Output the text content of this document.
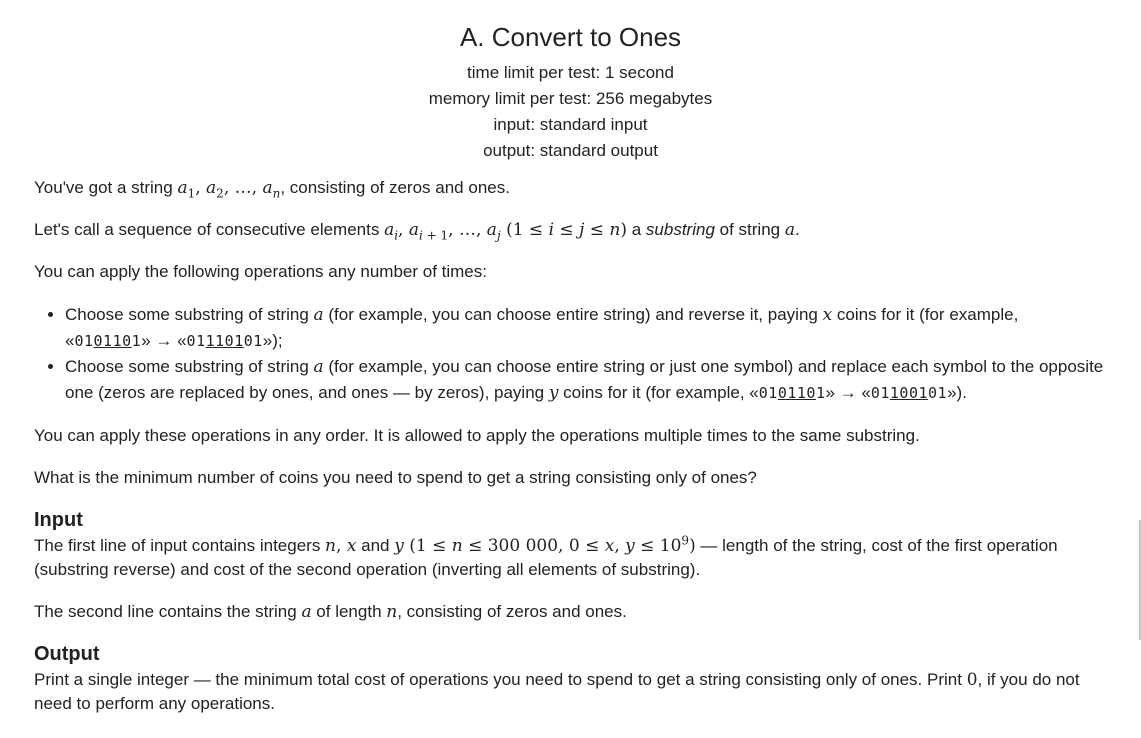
A. Convert to Ones
time limit per test: 1 second
memory limit per test: 256 megabytes
input: standard input
output: standard output

You've got a string $a_1$, $a_2$, …, $a_n$, consisting of zeros and ones.

Let's call a sequence of consecutive elements $a_i$, $a_{i + 1}$, …, $a_j$ (1 ≤ i ≤ j ≤ n) a substring of string a.

You can apply the following operations any number of times:

• Choose some substring of string a (for example, you can choose entire string) and reverse it, paying x coins for it (for example,
«0101101» → «01110101»);
• Choose some substring of string a (for example, you can choose entire string or just one symbol) and replace each symbol to the opposite one (zeros are replaced by ones, and ones — by zeros), paying y coins for it (for example, «0101101» → «01100101»).

You can apply these operations in any order. It is allowed to apply the operations multiple times to the same substring.

What is the minimum number of coins you need to spend to get a string consisting only of ones?

Input

The first line of input contains integers n, x and y (1 ≤ n ≤ 300 000, 0 ≤ x, $y \le 10^9$) — length of the string, cost of the first operation (substring reverse) and cost of the second operation (inverting all elements of substring).

The second line contains the string a of length n, consisting of zeros and ones.

Output

Print a single integer — the minimum total cost of operations you need to spend to get a string consisting only of ones. Print 0, if you do not need to perform any operations.
